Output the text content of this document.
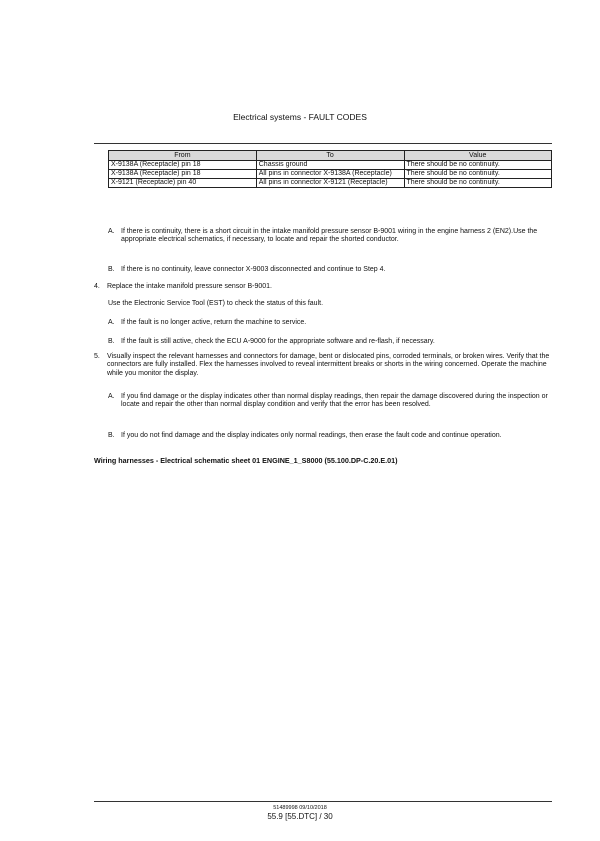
Electrical systems - FAULT CODES
From	To	Value
X-9138A (Receptacle) pin 18	Chassis ground	There should be no continuity.
X-9138A (Receptacle) pin 18	All pins in connector X-9138A (Receptacle)	There should be no continuity.
X-9121 (Receptacle) pin 40	All pins in connector X-9121 (Receptacle)	There should be no continuity.
A. If there is continuity, there is a short circuit in the intake manifold pressure sensor B-9001 wiring in the engine harness 2 (EN2).Use the appropriate electrical schematics, if necessary, to locate and repair the shorted conductor.
B. If there is no continuity, leave connector X-9003 disconnected and continue to Step 4.
4. Replace the intake manifold pressure sensor B-9001.
Use the Electronic Service Tool (EST) to check the status of this fault.
A. If the fault is no longer active, return the machine to service.
B. If the fault is still active, check the ECU A-9000 for the appropriate software and re-flash, if necessary.
5. Visually inspect the relevant harnesses and connectors for damage, bent or dislocated pins, corroded terminals, or broken wires. Verify that the connectors are fully installed. Flex the harnesses involved to reveal intermittent breaks or shorts in the wiring concerned. Operate the machine while you monitor the display.
A. If you find damage or the display indicates other than normal display readings, then repair the damage discovered during the inspection or locate and repair the other than normal display condition and verify that the error has been resolved.
B. If you do not find damage and the display indicates only normal readings, then erase the fault code and continue operation.
Wiring harnesses - Electrical schematic sheet 01 ENGINE_1_S8000 (55.100.DP-C.20.E.01)
51489998 09/10/2018
55.9 [55.DTC] / 30
